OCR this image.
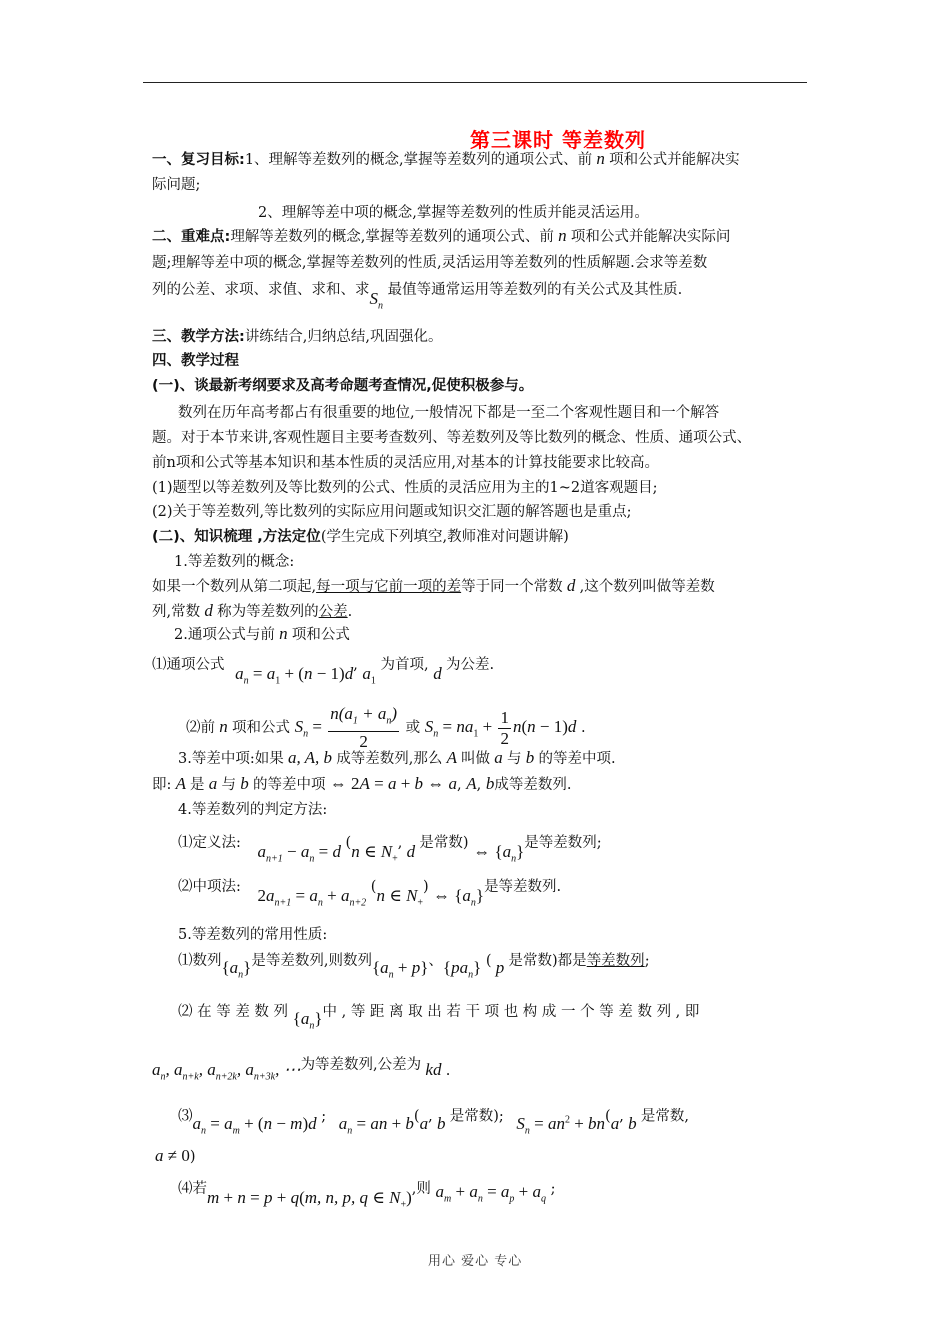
第三课时 等差数列
一、复习目标:1、理解等差数列的概念,掌握等差数列的通项公式、前 n 项和公式并能解决实
际问题;
2、理解等差中项的概念,掌握等差数列的性质并能灵活运用。
二、重难点:理解等差数列的概念,掌握等差数列的通项公式、前 n 项和公式并能解决实际问
题;理解等差中项的概念,掌握等差数列的性质,灵活运用等差数列的性质解题.会求等差数
列的公差、求项、求值、求和、求$S_n$ 最值等通常运用等差数列的有关公式及其性质.
三、教学方法:讲练结合,归纳总结,巩固强化。
四、教学过程
(一)、谈最新考纲要求及高考命题考查情况,促使积极参与。
数列在历年高考都占有很重要的地位,一般情况下都是一至二个客观性题目和一个解答
题。对于本节来讲,客观性题目主要考查数列、等差数列及等比数列的概念、性质、通项公式、
前n项和公式等基本知识和基本性质的灵活应用,对基本的计算技能要求比较高。
(1)题型以等差数列及等比数列的公式、性质的灵活应用为主的1~2道客观题目;
(2)关于等差数列,等比数列的实际应用问题或知识交汇题的解答题也是重点;
(二)、知识梳理 ,方法定位(学生完成下列填空,教师准对问题讲解)
1.等差数列的概念:
如果一个数列从第二项起,每一项与它前一项的差等于同一个常数 d ,这个数列叫做等差数
列,常数 d 称为等差数列的公差.
2.通项公式与前 n 项和公式
⑴通项公式 $a_n = a_1 + (n - 1)d$, $a_1$ 为首项, d 为公差.
⑵前 n 项和公式 $S_n = \frac{n(a_1 + a_n)}{2}$ 或 $S_n = na_1 + \frac{1}{2} n(n - 1)d$ .
3.等差中项:如果 a, A, b 成等差数列,那么 A 叫做 a 与 b 的等差中项.
即: A 是 a 与 b 的等差中项 ⇔ 2A = a + b ⇔ a, A, b成等差数列.
4.等差数列的判定方法:
⑴定义法: $a_{n+1} - a_n = d$ (n ∈ $N_+$, d 是常数) ⇔ $\{a_n\}$是等差数列;
⑵中项法: $2a_{n+1} = a_n + a_{n+2}$ (n ∈ $N_+$) ⇔ $\{a_n\}$是等差数列.
5.等差数列的常用性质:
⑴数列$\{a_n\}$是等差数列,则数列$\{a_n + p\}$、$\{pa_n\}$ ( p 是常数)都是等差数列;
⑵ 在 等 差 数 列 $\{a_n\}$中 , 等 距 离 取 出 若 干 项 也 构 成 一 个 等 差 数 列 , 即
$a_n$, $a_{n+k}$, $a_{n+2k}$, $a_{n+3k}$, ⋯为等差数列,公差为 kd .
$⑶a_n = a_m + (n - m)d$ ; $a_n$ = an + b(a, b 是常数); $S_n = an^2 + bn(a$, b 是常数,
a ≠ 0)
⑷若m + n = p + q(m, n, p, q ∈ $N_+$),则 $a_m + a_n = a_p + a_q$ ;
用心 爱心 专心
